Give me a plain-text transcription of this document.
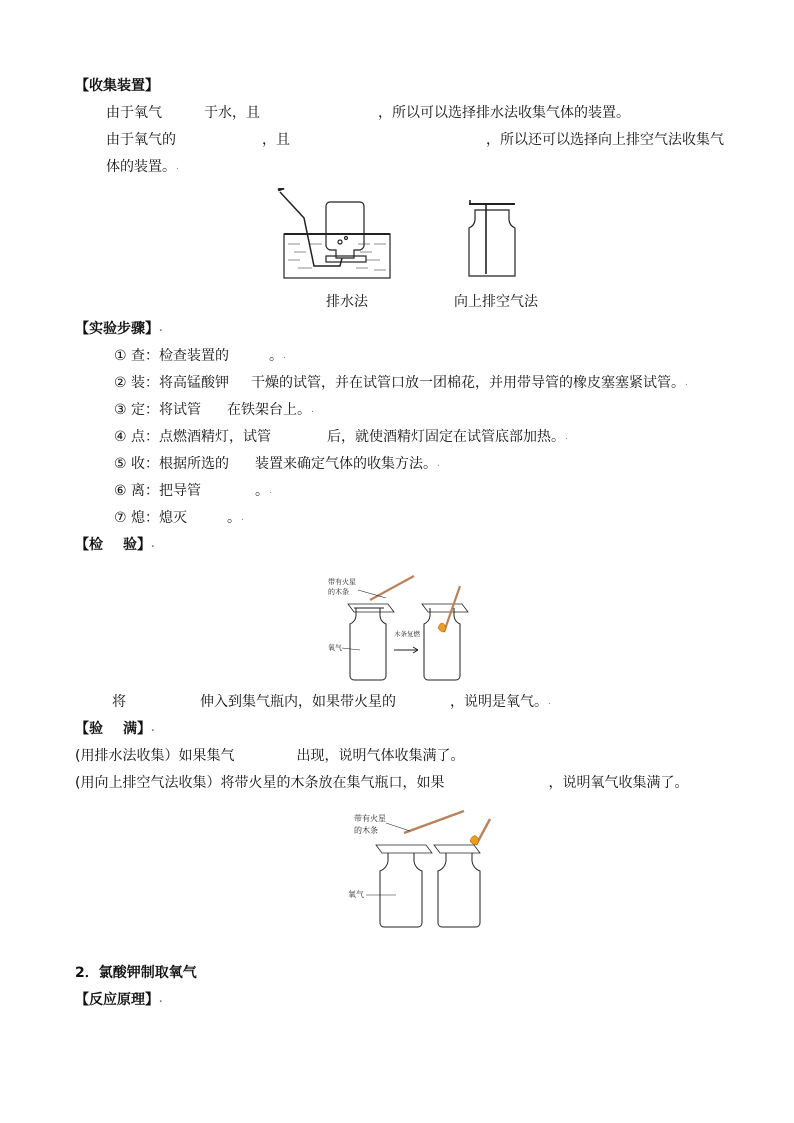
【收集装置】
由于氧气	于水，且	，所以可以选择排水法收集气体的装置。
由于氧气的	，且	，所以还可以选择向上排空气法收集气
体的装置。.
排水法	向上排空气法
【实验步骤】.
① 查：检查装置的	。.
② 装：将高锰酸钾 干燥的试管，并在试管口放一团棉花，并用带导管的橡皮塞塞紧试管。.
③ 定：将试管 在铁架台上。.
④ 点：点燃酒精灯，试管	后，就使酒精灯固定在试管底部加热。.
⑤ 收：根据所选的 装置来确定气体的收集方法。.
⑥ 离：把导管	。.
⑦ 熄：熄灭	。.
【检 验】.
带有火星
的木条
氧气
木条复燃
将	伸入到集气瓶内，如果带火星的	，说明是氧气。.
【验 满】.
(用排水法收集）如果集气	出现，说明气体收集满了。
(用向上排空气法收集）将带火星的木条放在集气瓶口，如果	，说明氧气收集满了。
带有火星
的木条
氧气
2．氯酸钾制取氧气
【反应原理】.
